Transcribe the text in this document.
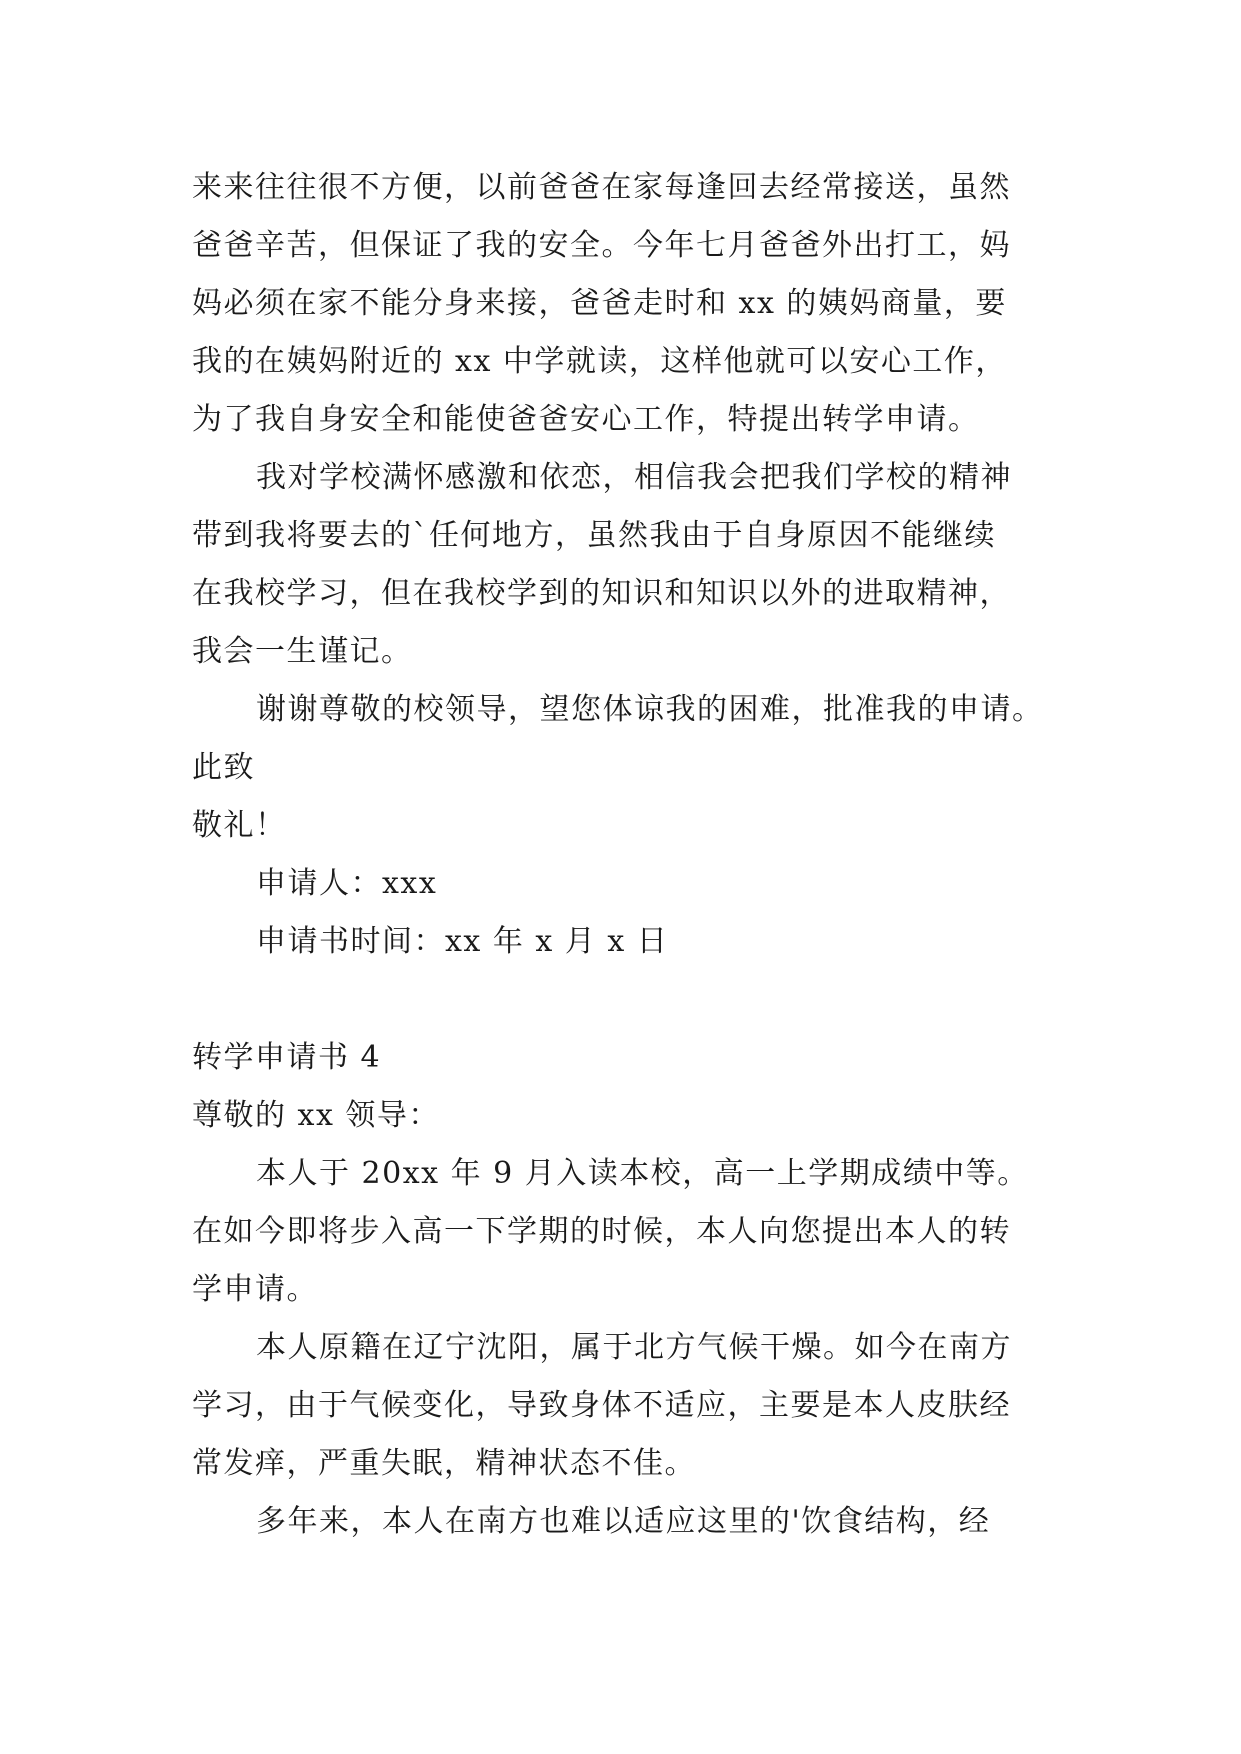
来来往往很不方便，以前爸爸在家每逢回去经常接送，虽然
爸爸辛苦，但保证了我的安全。今年七月爸爸外出打工，妈
妈必须在家不能分身来接，爸爸走时和 xx 的姨妈商量，要
我的在姨妈附近的 xx 中学就读，这样他就可以安心工作，
为了我自身安全和能使爸爸安心工作，特提出转学申请。
我对学校满怀感激和依恋，相信我会把我们学校的精神
带到我将要去的`任何地方，虽然我由于自身原因不能继续
在我校学习，但在我校学到的知识和知识以外的进取精神，
我会一生谨记。
谢谢尊敬的校领导，望您体谅我的困难，批准我的申请。
此致
敬礼！
申请人：xxx
申请书时间：xx 年 x 月 x 日
转学申请书 4
尊敬的 xx 领导：
本人于 20xx 年 9 月入读本校，高一上学期成绩中等。
在如今即将步入高一下学期的时候，本人向您提出本人的转
学申请。
本人原籍在辽宁沈阳，属于北方气候干燥。如今在南方
学习，由于气候变化，导致身体不适应，主要是本人皮肤经
常发痒，严重失眠，精神状态不佳。
多年来，本人在南方也难以适应这里的'饮食结构，经
